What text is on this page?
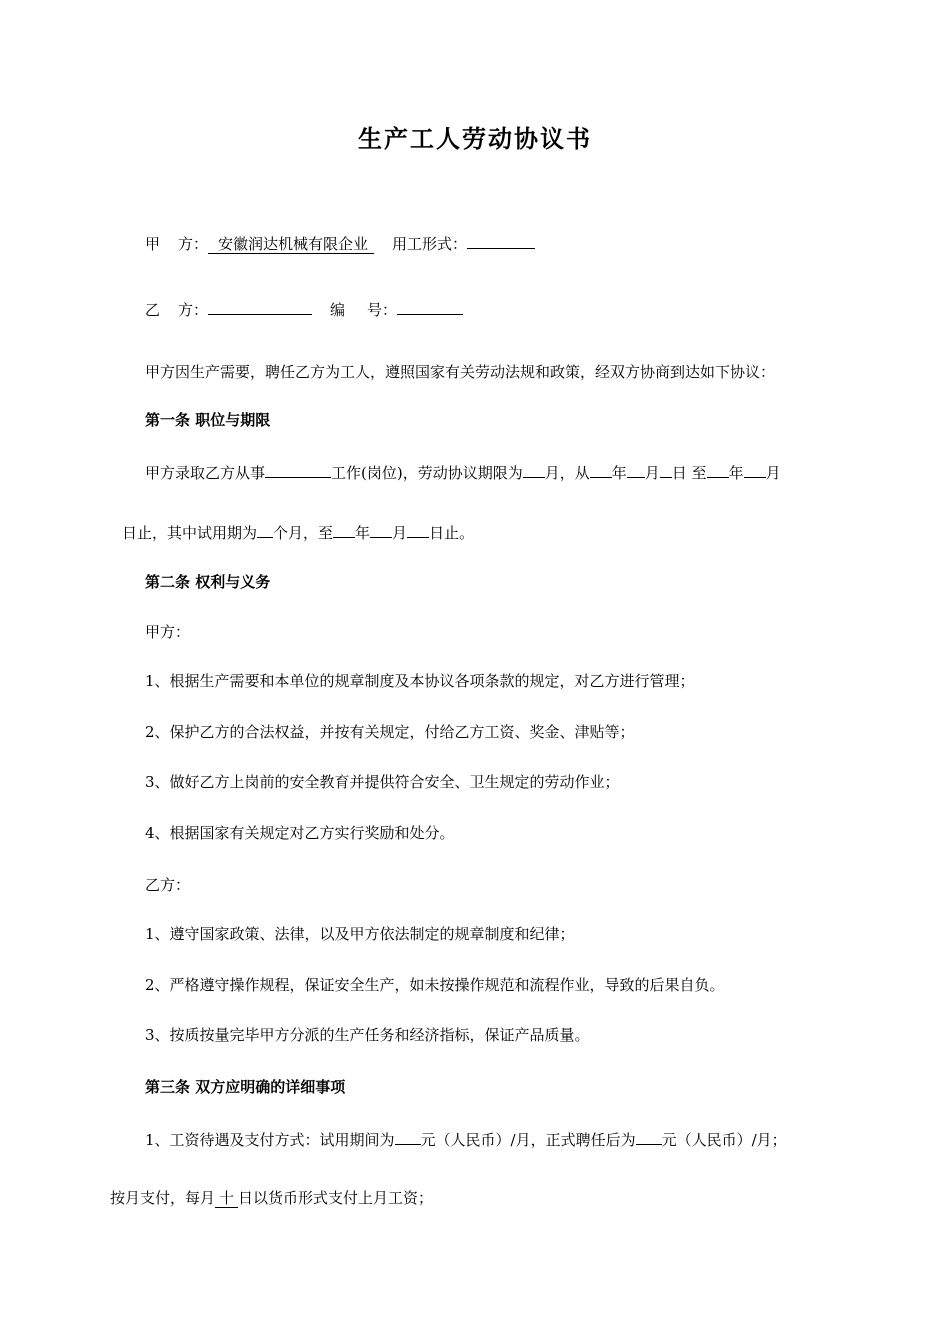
生产工人劳动协议书
甲 方： 安徽润达机械有限企业 用工形式：
乙 方：	编 号：
甲方因生产需要，聘任乙方为工人，遵照国家有关劳动法规和政策，经双方协商到达如下协议：
第一条 职位与期限
甲方录取乙方从事	工作(岗位)，劳动协议期限为 月，从 年 月 日 至 年 月
日止，其中试用期为 个月，至 年 月 日止。
第二条 权利与义务
甲方：
1、根据生产需要和本单位的规章制度及本协议各项条款的规定，对乙方进行管理；
2、保护乙方的合法权益，并按有关规定，付给乙方工资、奖金、津贴等；
3、做好乙方上岗前的安全教育并提供符合安全、卫生规定的劳动作业；
4、根据国家有关规定对乙方实行奖励和处分。
乙方：
1、遵守国家政策、法律，以及甲方依法制定的规章制度和纪律；
2、严格遵守操作规程，保证安全生产，如未按操作规范和流程作业，导致的后果自负。
3、按质按量完毕甲方分派的生产任务和经济指标，保证产品质量。
第三条 双方应明确的详细事项
1、工资待遇及支付方式：试用期间为 元（人民币）/月，正式聘任后为 元（人民币）/月；
按月支付，每月 十 日以货币形式支付上月工资；
